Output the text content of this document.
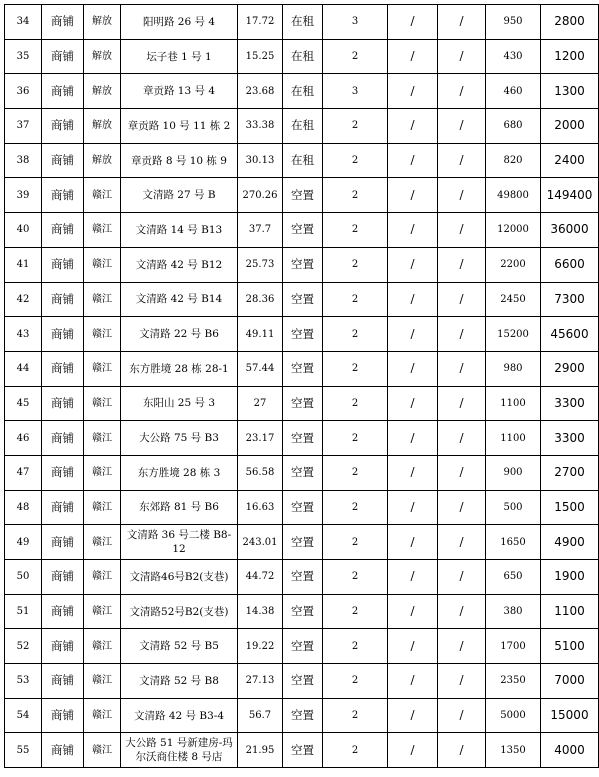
34	商铺	解放	阳明路 26 号 4	17.72	在租	3	/	/	950	2800
35	商铺	解放	坛子巷 1 号 1	15.25	在租	2	/	/	430	1200
36	商铺	解放	章贡路 13 号 4	23.68	在租	3	/	/	460	1300
37	商铺	解放	章贡路 10 号 11 栋 2	33.38	在租	2	/	/	680	2000
38	商铺	解放	章贡路 8 号 10 栋 9	30.13	在租	2	/	/	820	2400
39	商铺	赣江	文清路 27 号 B	270.26	空置	2	/	/	49800	149400
40	商铺	赣江	文清路 14 号 B13	37.7	空置	2	/	/	12000	36000
41	商铺	赣江	文清路 42 号 B12	25.73	空置	2	/	/	2200	6600
42	商铺	赣江	文清路 42 号 B14	28.36	空置	2	/	/	2450	7300
43	商铺	赣江	文清路 22 号 B6	49.11	空置	2	/	/	15200	45600
44	商铺	赣江	东方胜境 28 栋 28-1	57.44	空置	2	/	/	980	2900
45	商铺	赣江	东阳山 25 号 3	27	空置	2	/	/	1100	3300
46	商铺	赣江	大公路 75 号 B3	23.17	空置	2	/	/	1100	3300
47	商铺	赣江	东方胜境 28 栋 3	56.58	空置	2	/	/	900	2700
48	商铺	赣江	东郊路 81 号 B6	16.63	空置	2	/	/	500	1500
49	商铺	赣江	文清路 36 号二楼 B8-12	243.01	空置	2	/	/	1650	4900
50	商铺	赣江	文清路46号B2(支巷)	44.72	空置	2	/	/	650	1900
51	商铺	赣江	文清路52号B2(支巷)	14.38	空置	2	/	/	380	1100
52	商铺	赣江	文清路 52 号 B5	19.22	空置	2	/	/	1700	5100
53	商铺	赣江	文清路 52 号 B8	27.13	空置	2	/	/	2350	7000
54	商铺	赣江	文清路 42 号 B3-4	56.7	空置	2	/	/	5000	15000
55	商铺	赣江	大公路 51 号新建房-玛尔沃商住楼 8 号店	21.95	空置	2	/	/	1350	4000
